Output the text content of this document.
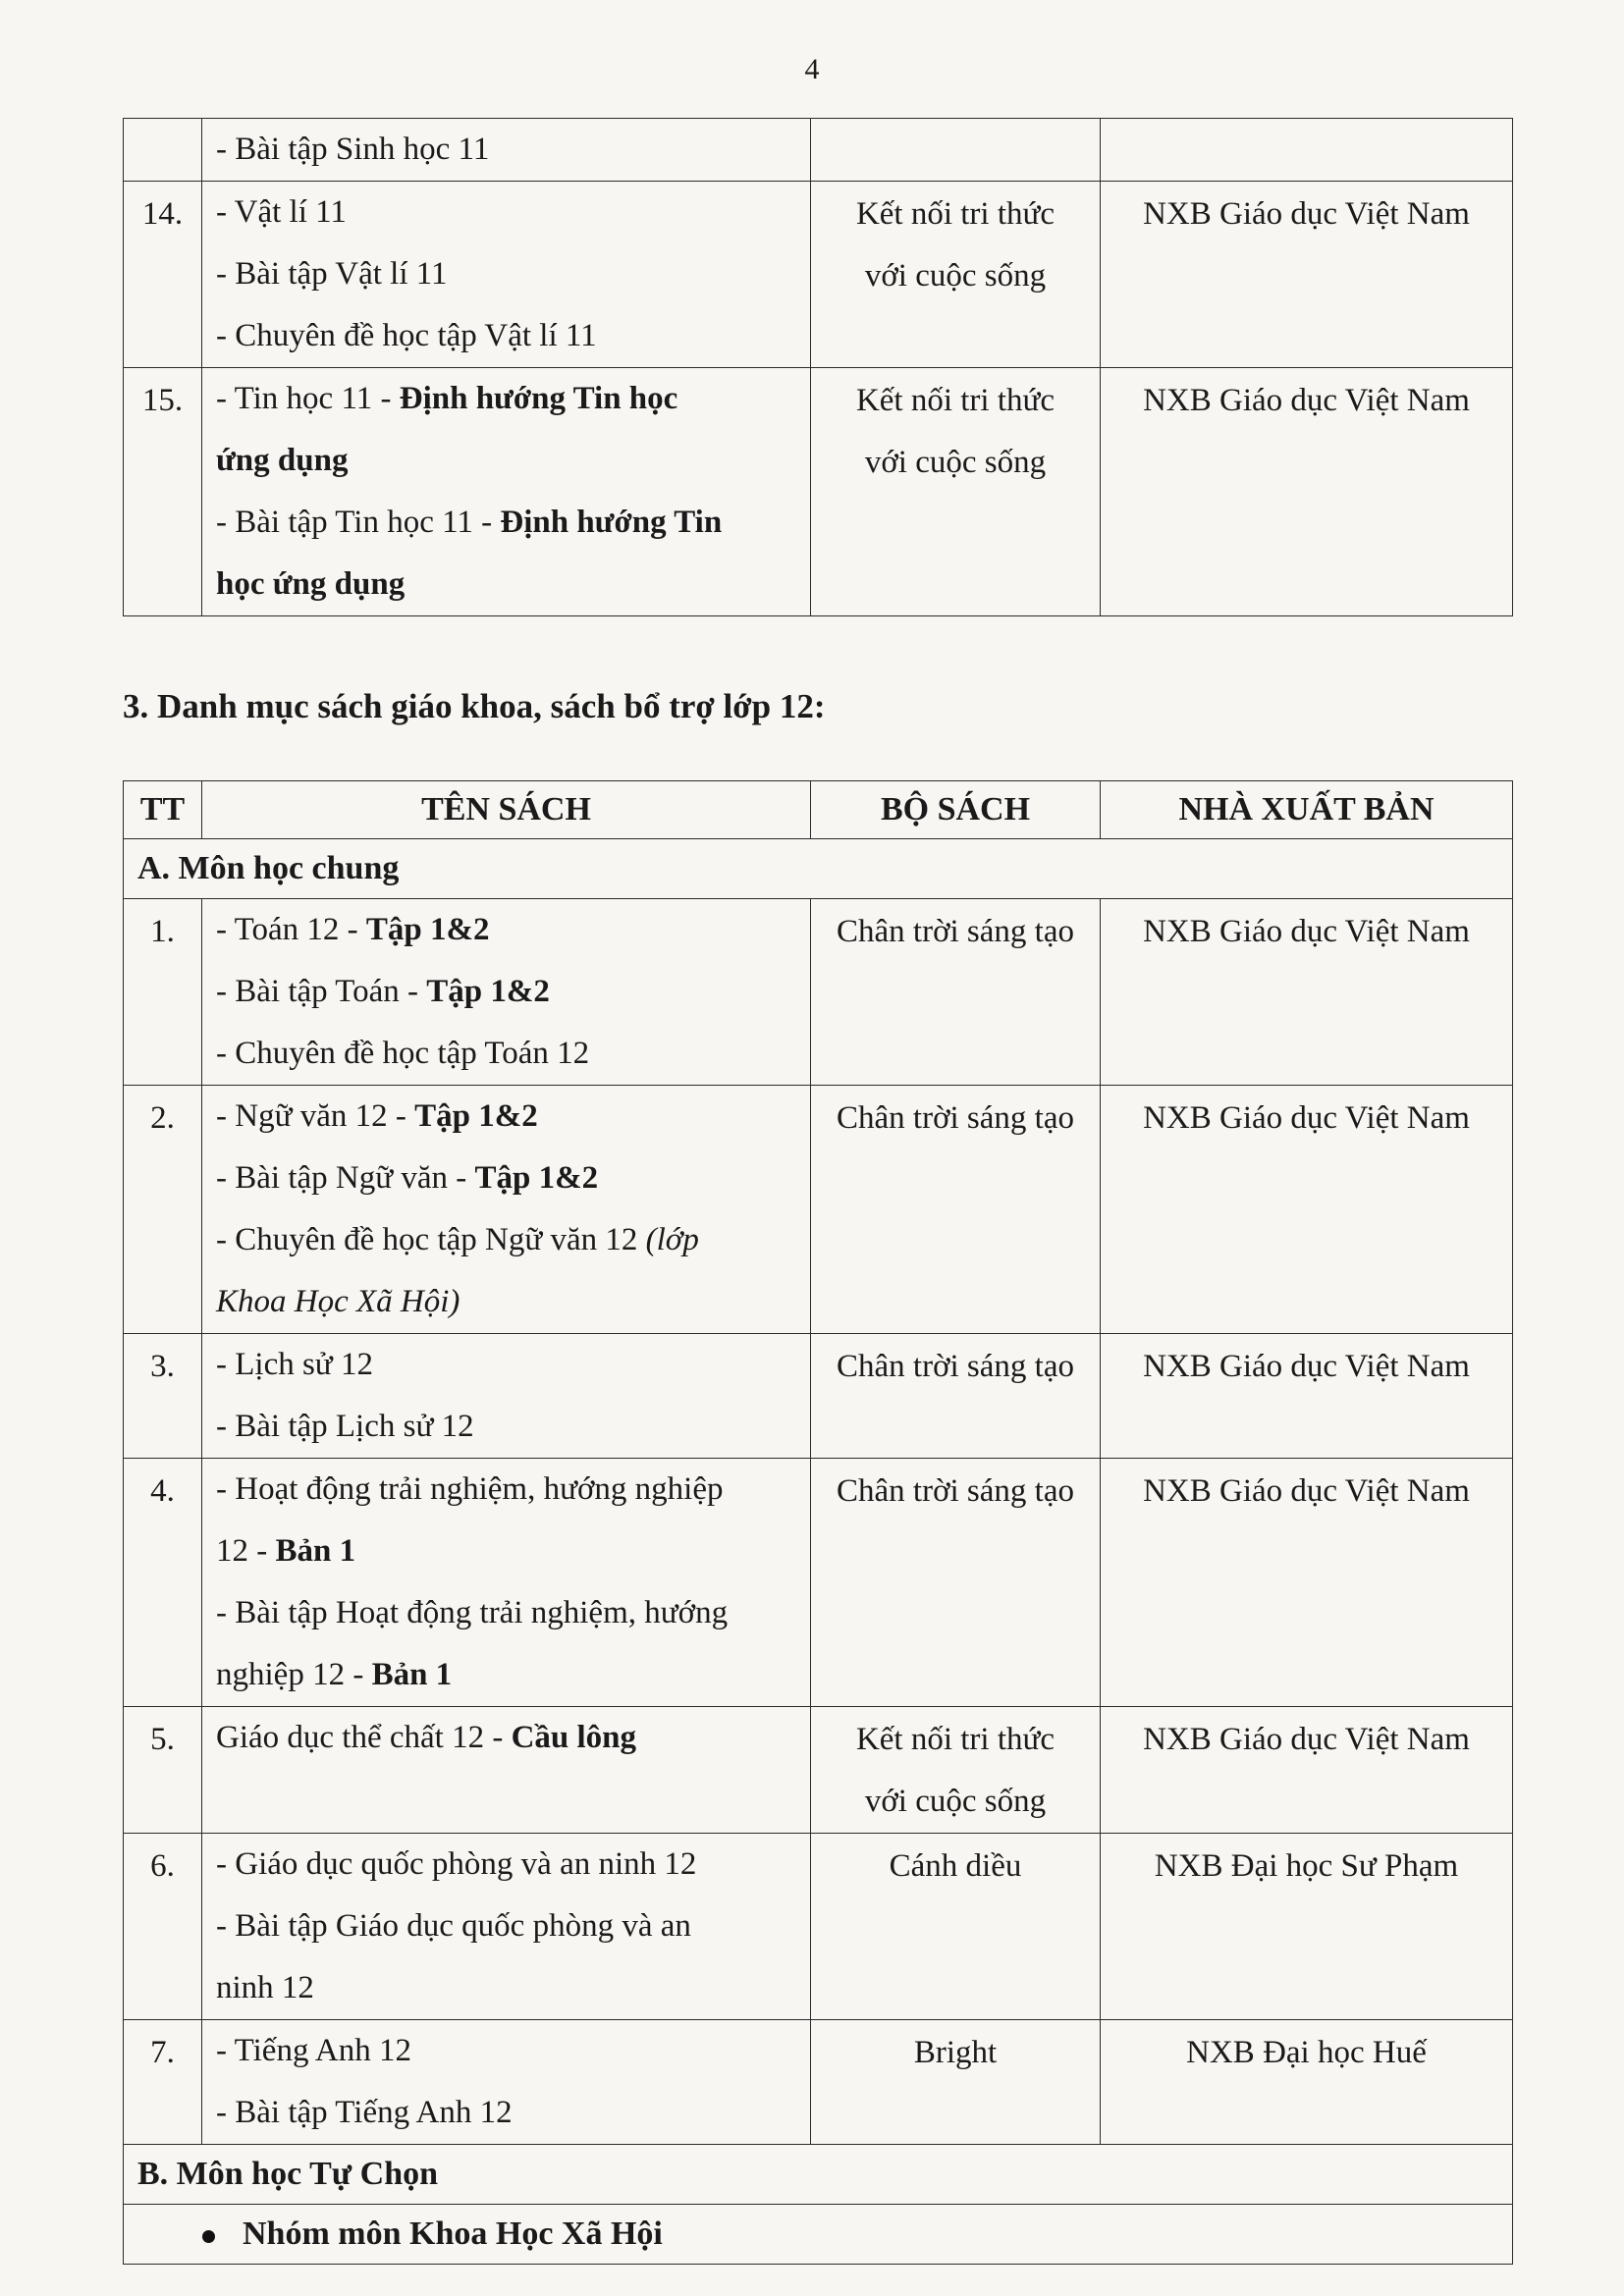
4

	- Bài tập Sinh học 11		

14.	- Vật lí 11
- Bài tập Vật lí 11
- Chuyên đề học tập Vật lí 11	Kết nối tri thức
với cuộc sống	NXB Giáo dục Việt Nam

15.	- Tin học 11 - Định hướng Tin học
ứng dụng
- Bài tập Tin học 11 - Định hướng Tin
học ứng dụng	Kết nối tri thức
với cuộc sống	NXB Giáo dục Việt Nam
3. Danh mục sách giáo khoa, sách bổ trợ lớp 12:
TT	TÊN SÁCH	BỘ SÁCH	NHÀ XUẤT BẢN
A. Môn học chung			
1.	- Toán 12 - Tập 1&2
- Bài tập Toán - Tập 1&2
- Chuyên đề học tập Toán 12	Chân trời sáng tạo	NXB Giáo dục Việt Nam

2.	- Ngữ văn 12 - Tập 1&2
- Bài tập Ngữ văn - Tập 1&2
- Chuyên đề học tập Ngữ văn 12 (lớp
Khoa Học Xã Hội)	Chân trời sáng tạo	NXB Giáo dục Việt Nam

3.	- Lịch sử 12
- Bài tập Lịch sử 12	Chân trời sáng tạo	NXB Giáo dục Việt Nam

4.	- Hoạt động trải nghiệm, hướng nghiệp
12 - Bản 1
- Bài tập Hoạt động trải nghiệm, hướng
nghiệp 12 - Bản 1	Chân trời sáng tạo	NXB Giáo dục Việt Nam

5.	Giáo dục thể chất 12 - Cầu lông	Kết nối tri thức
với cuộc sống	NXB Giáo dục Việt Nam

6.	- Giáo dục quốc phòng và an ninh 12
- Bài tập Giáo dục quốc phòng và an
ninh 12	Cánh diều	NXB Đại học Sư Phạm

7.	- Tiếng Anh 12
- Bài tập Tiếng Anh 12	Bright	NXB Đại học Huế

B. Môn học Tự Chọn			
Nhóm môn Khoa Học Xã Hội			
